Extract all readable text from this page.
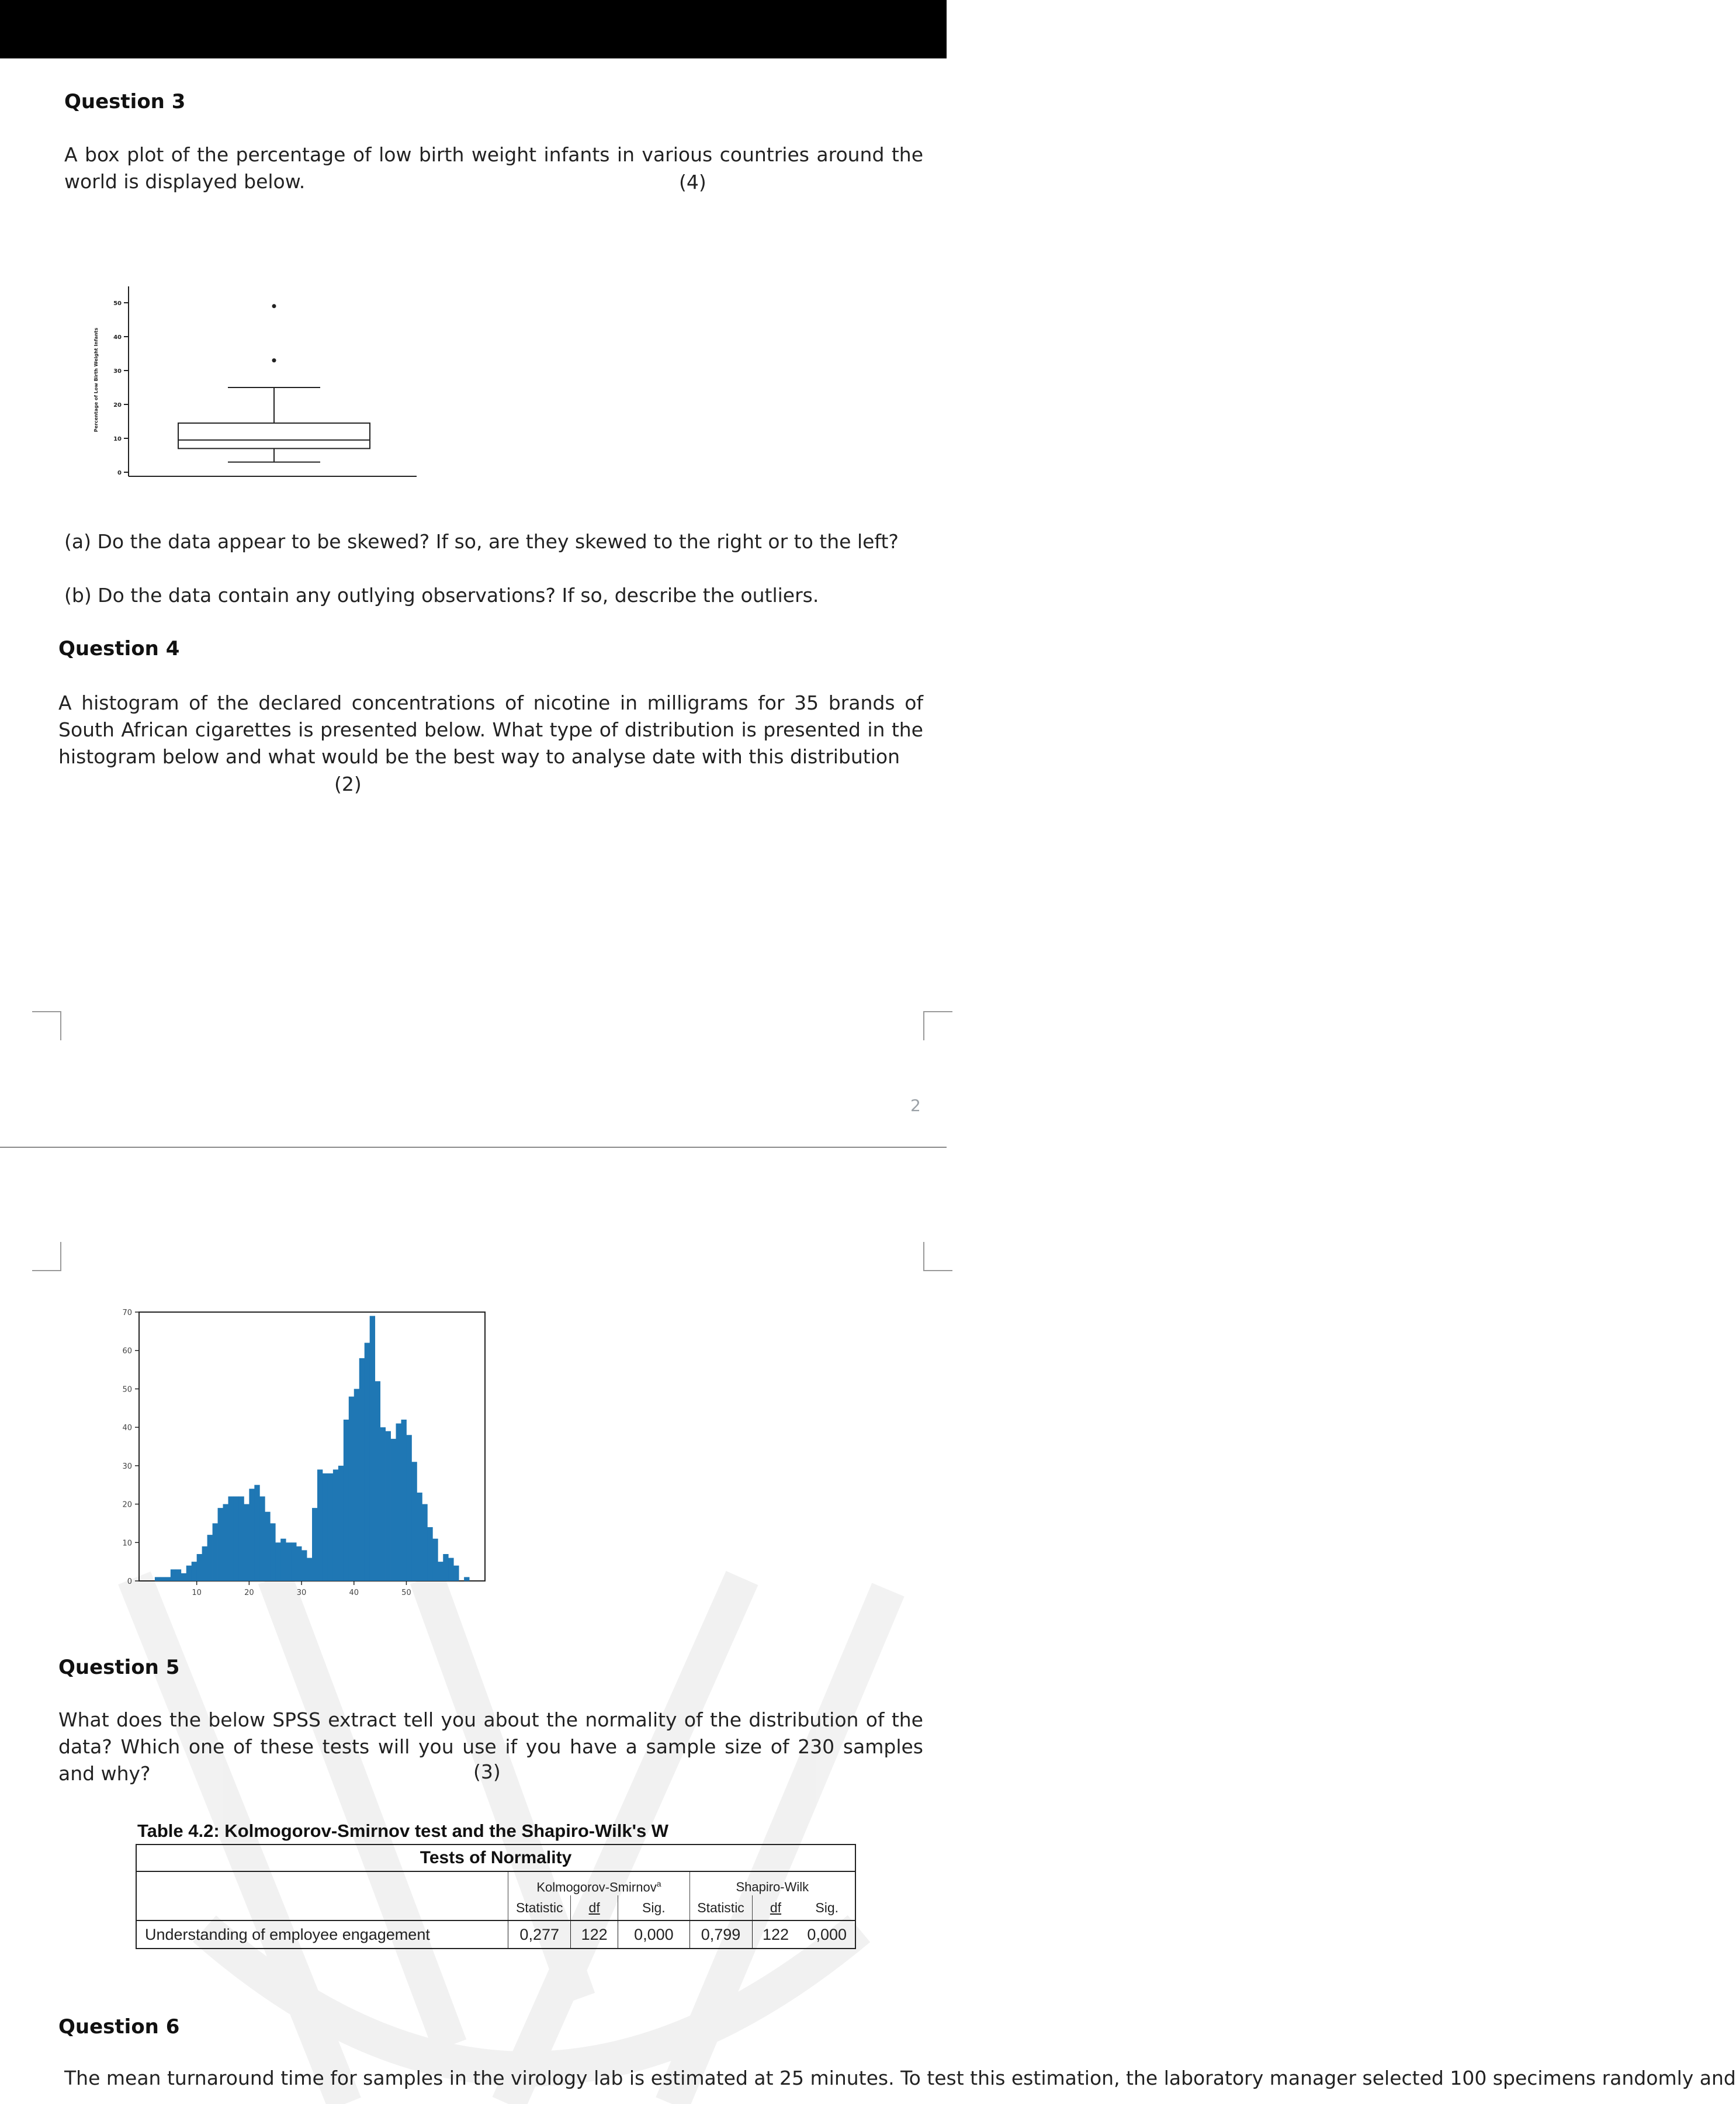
Question 3
A box plot of the percentage of low birth weight infants in various countries around the world is displayed below.	(4)
Percentage of Low Birth Weight Infants
0
10
20
30
40
50
(a) Do the data appear to be skewed? If so, are they skewed to the right or to the left?
(b) Do the data contain any outlying observations? If so, describe the outliers.
Question 4
A histogram of the declared concentrations of nicotine in milligrams for 35 brands of South African cigarettes is presented below. What type of distribution is presented in the histogram below and what would be the best way to analyse date with this distribution
(2)
2
0
10
20
30
40
50
60
70
10	20	30	40	50
Question 5
What does the below SPSS extract tell you about the normality of the distribution of the data? Which one of these tests will you use if you have a sample size of 230 samples and why?	(3)
Table 4.2: Kolmogorov-Smirnov test and the Shapiro-Wilk's W
Tests of Normality						
	Kolmogorov-Smirnov$^a$			Shapiro-Wilk		
	Statistic	df	Sig.	Statistic	df	Sig.
Understanding of employee engagement	0,277	122	0,000	0,799	122	0,000
Question 6
The mean turnaround time for samples in the virology lab is estimated at 25 minutes. To test this estimation, the laboratory manager selected 100 specimens randomly and
